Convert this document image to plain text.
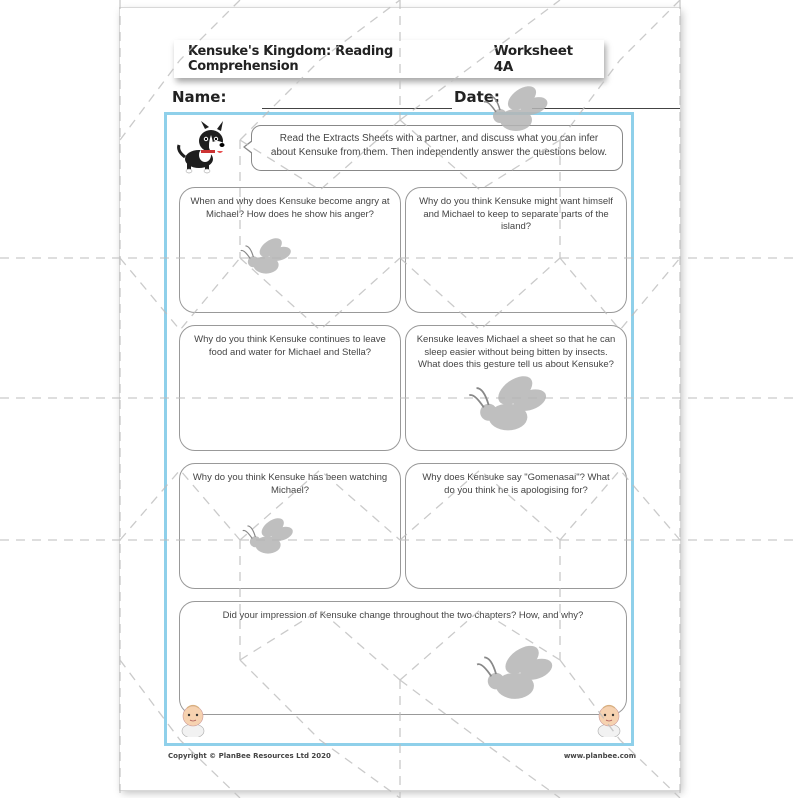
Kensuke's Kingdom: Reading Comprehension
Worksheet 4A
Name:	Date:
Read the Extracts Sheets with a partner, and discuss what you can infer about Kensuke from them. Then independently answer the questions below.
When and why does Kensuke become angry at Michael? How does he show his anger?
Why do you think Kensuke might want himself and Michael to keep to separate parts of the island?
Why do you think Kensuke continues to leave food and water for Michael and Stella?
Kensuke leaves Michael a sheet so that he can sleep easier without being bitten by insects. What does this gesture tell us about Kensuke?
Why do you think Kensuke has been watching Michael?
Why does Kensuke say "Gomenasai"? What do you think he is apologising for?
Did your impression of Kensuke change throughout the two chapters? How, and why?
Copyright © PlanBee Resources Ltd 2020	www.planbee.com
